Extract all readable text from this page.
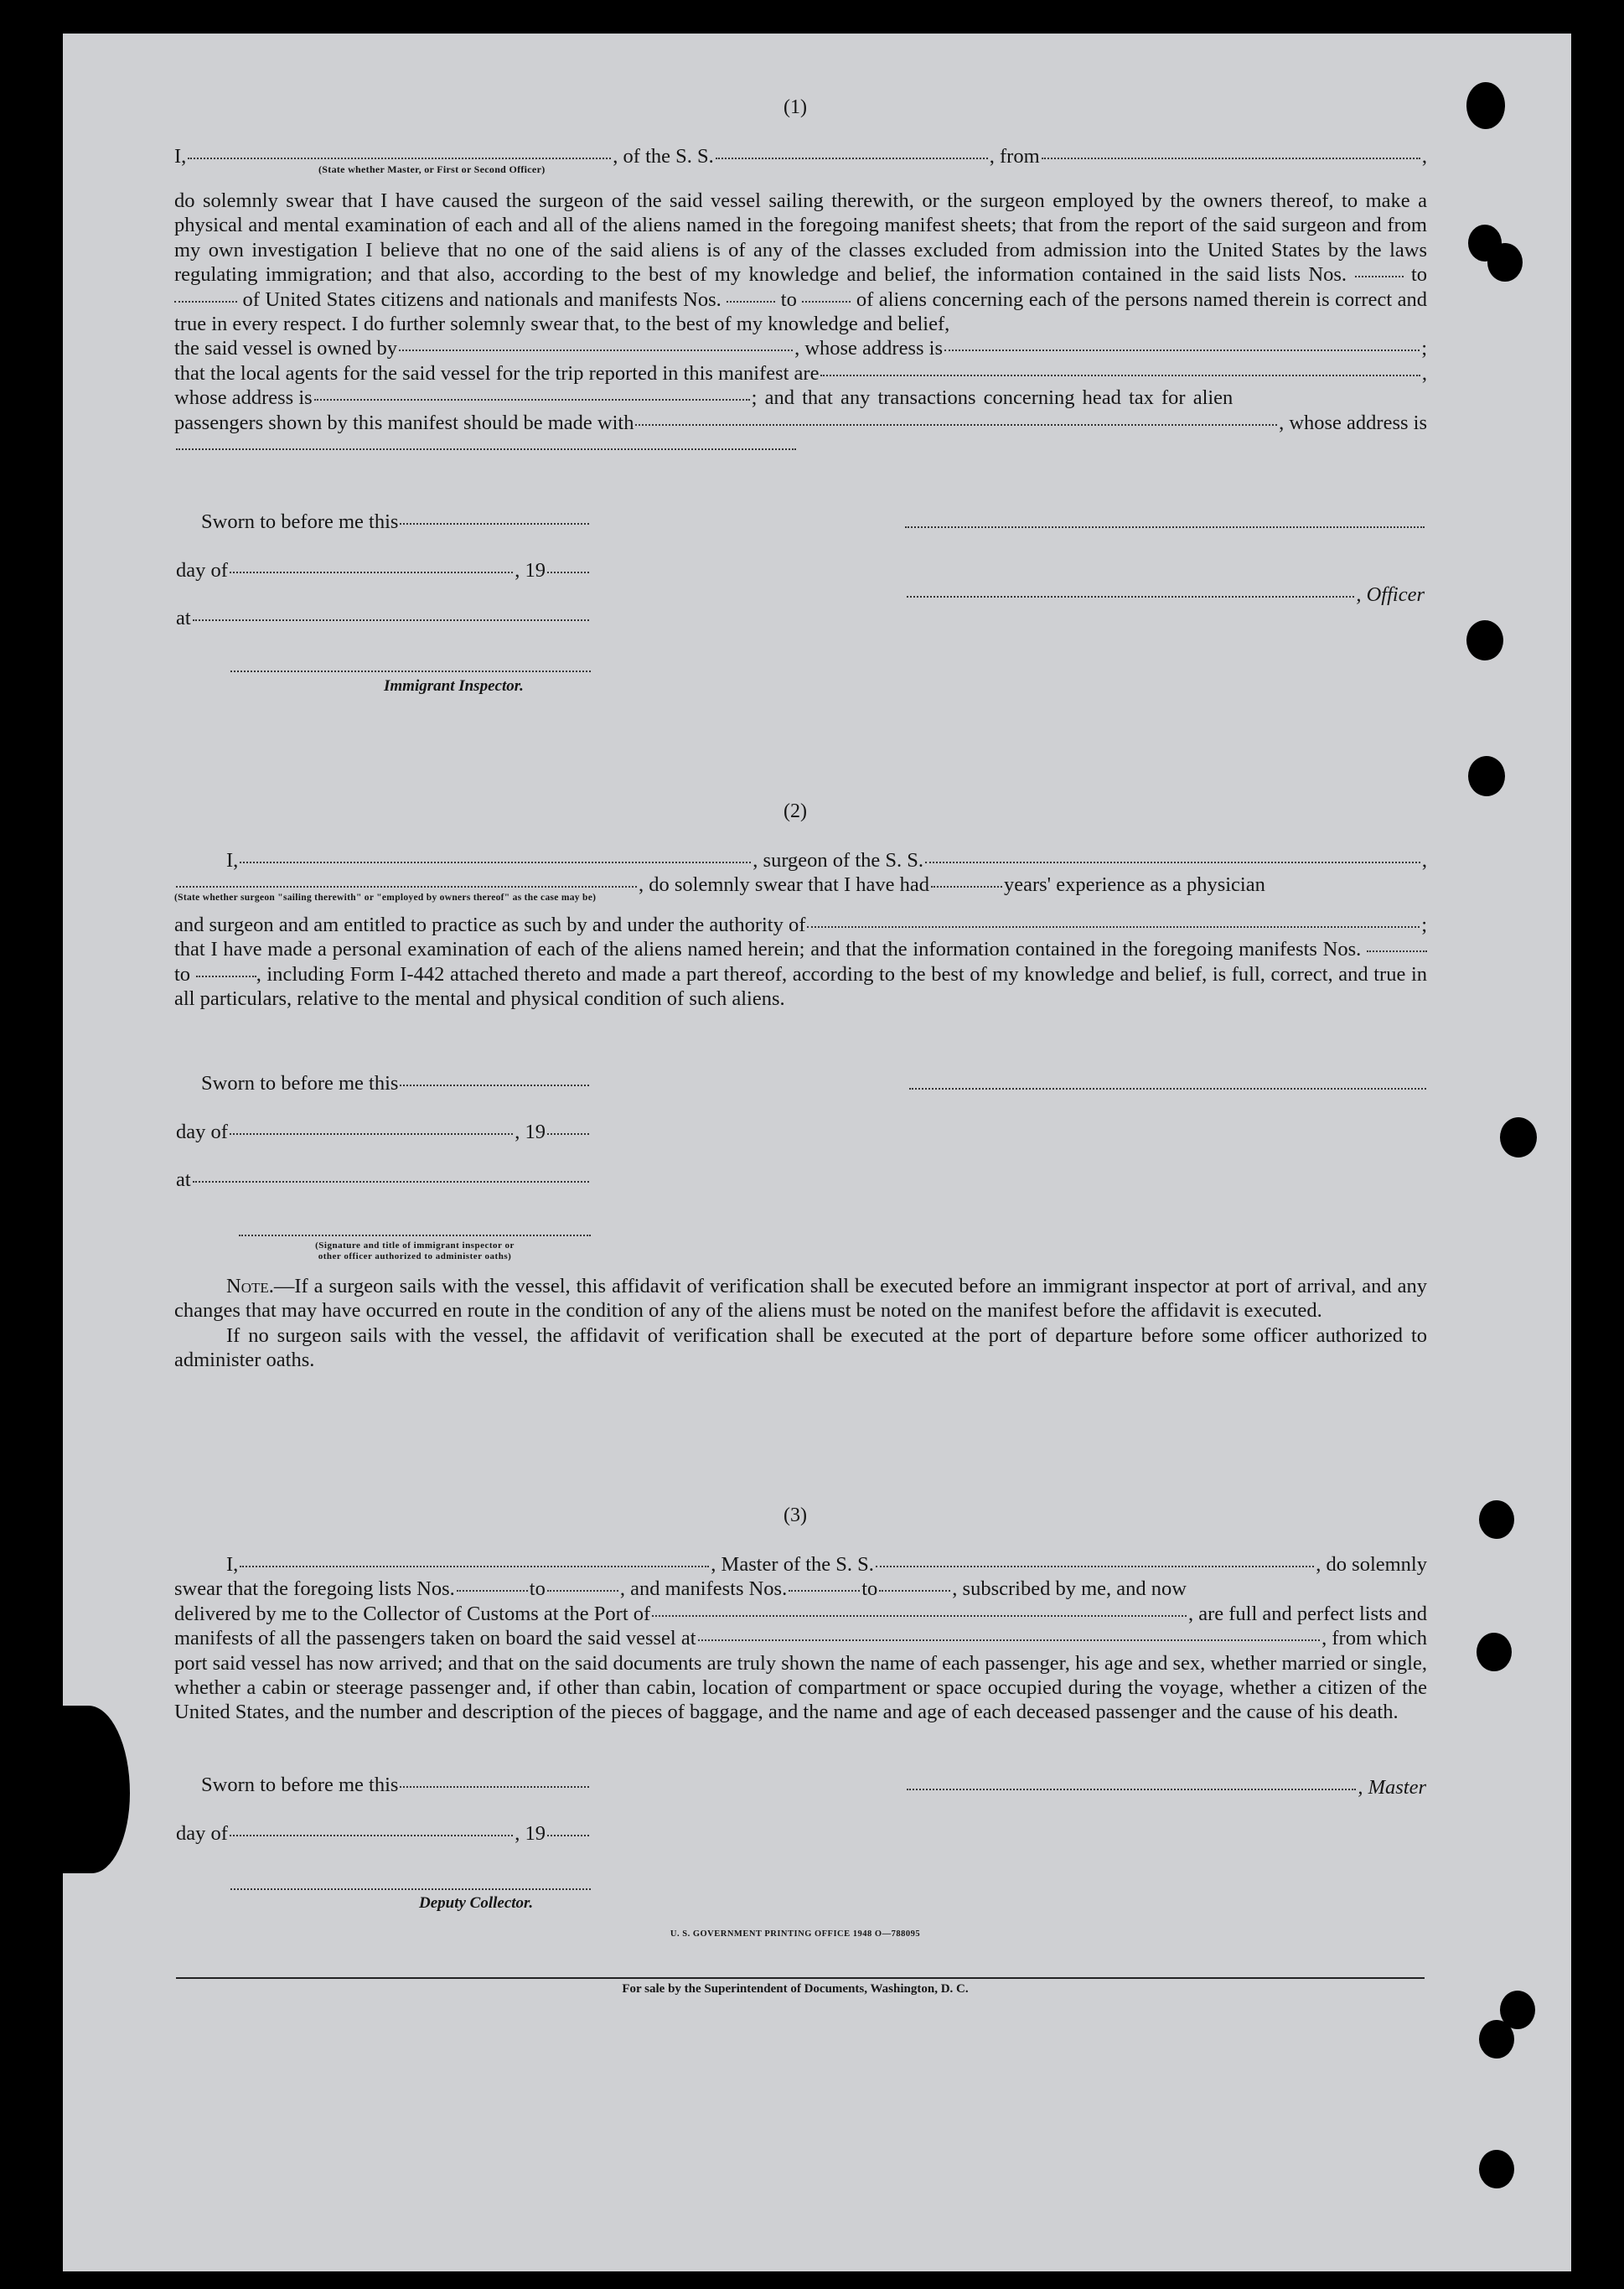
(1)
I,	, of the S. S.	, from	,
(State whether Master, or First or Second Officer)

do solemnly swear that I have caused the surgeon of the said vessel sailing therewith, or the surgeon employed by the owners thereof, to make a physical and mental examination of each and all of the aliens named in the foregoing manifest sheets; that from the report of the said surgeon and from my own investigation I believe that no one of the said aliens is of any of the classes excluded from admission into the United States by the laws regulating immigration; and that also, according to the best of my knowledge and belief, the information contained in the said lists Nos.	to  of United States citizens and nationals and manifests Nos.	to	of aliens concerning each of the persons named therein is correct and true in every respect. I do further solemnly swear that, to the best of my knowledge and belief,

the said vessel is owned by	, whose address is	;
that the local agents for the said vessel for the trip reported in this manifest are	,
whose address is	; and that any transactions concerning head tax for alien
passengers shown by this manifest should be made with	, whose address is
Sworn to before me this
day of	, 19
at
Immigrant Inspector.
, Officer
(2)
I,	, surgeon of the S. S.	,
, do solemnly swear that I have had	years' experience as a physician
(State whether surgeon "sailing therewith" or "employed by owners thereof" as the case may be)
and surgeon and am entitled to practice as such by and under the authority of	;

that I have made a personal examination of each of the aliens named herein; and that the information contained in the foregoing manifests Nos.  to	, including Form I-442 attached thereto and made a part thereof, according to the best of my knowledge and belief, is full, correct, and true in all particulars, relative to the mental and physical condition of such aliens.

Sworn to before me this
day of	, 19
at
(Signature and title of immigrant inspector or
other officer authorized to administer oaths)

Note.—If a surgeon sails with the vessel, this affidavit of verification shall be executed before an immigrant inspector at port of arrival, and any changes that may have occurred en route in the condition of any of the aliens must be noted on the manifest before the affidavit is executed.

If no surgeon sails with the vessel, the affidavit of verification shall be executed at the port of departure before some officer authorized to administer oaths.

(3)
I,	, Master of the S. S.	, do solemnly
swear that the foregoing lists Nos.	to	, and manifests Nos.	to	, subscribed by me, and now
delivered by me to the Collector of Customs at the Port of	, are full and perfect lists and
manifests of all the passengers taken on board the said vessel at	, from which

port said vessel has now arrived; and that on the said documents are truly shown the name of each passenger, his age and sex, whether married or single, whether a cabin or steerage passenger and, if other than cabin, location of compartment or space occupied during the voyage, whether a citizen of the United States, and the number and description of the pieces of baggage, and the name and age of each deceased passenger and the cause of his death.

Sworn to before me this	, Master
day of	, 19
Deputy Collector.
U. S. GOVERNMENT PRINTING OFFICE 1948 O—788095
For sale by the Superintendent of Documents, Washington, D. C.
